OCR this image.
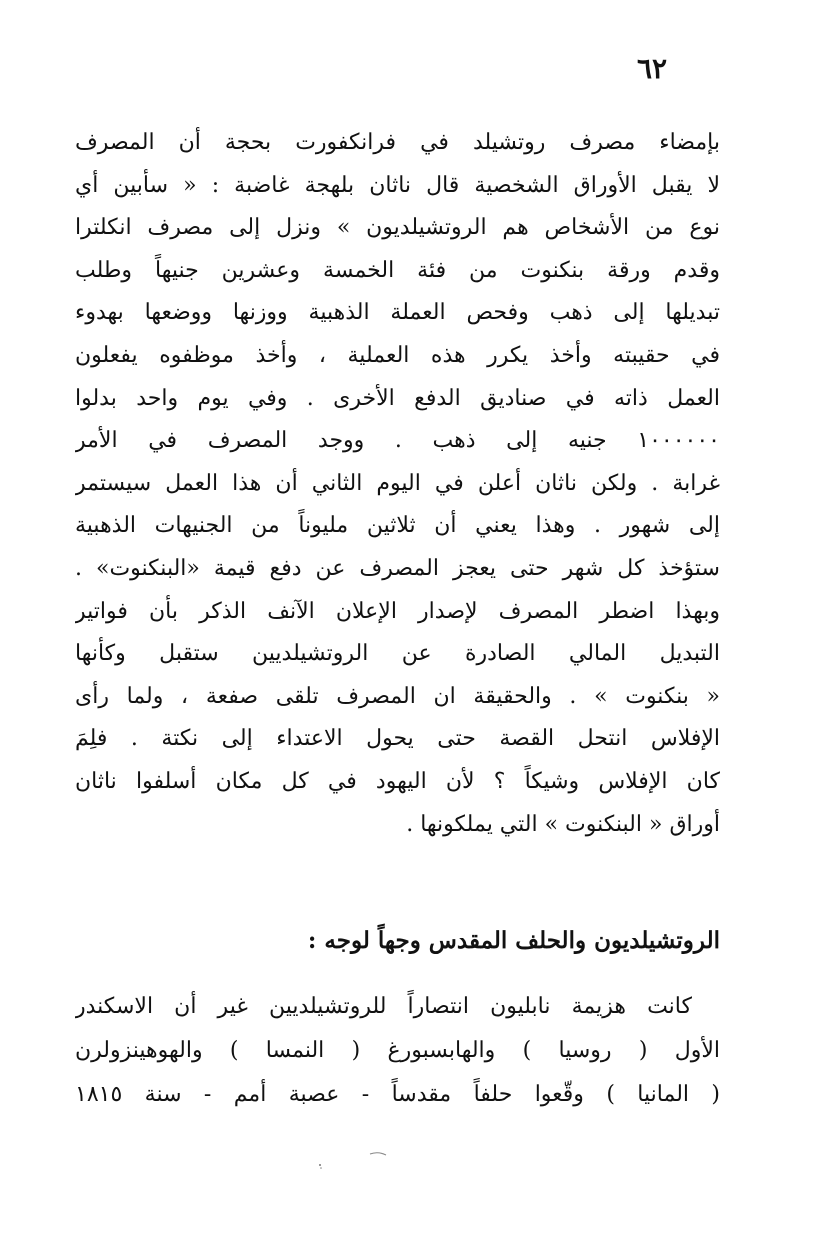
٦٢
بإمضاء مصرف روتشيلد في فرانكفورت بحجة أن المصرف
لا يقبل الأوراق الشخصية قال ناثان بلهجة غاضبة : « سأبين أي
نوع من الأشخاص هم الروتشيلديون » ونزل إلى مصرف انكلترا
وقدم ورقة بنكنوت من فئة الخمسة وعشرين جنيهاً وطلب
تبديلها إلى ذهب وفحص العملة الذهبية ووزنها ووضعها بهدوء
في حقيبته وأخذ يكرر هذه العملية ، وأخذ موظفوه يفعلون
العمل ذاته في صناديق الدفع الأخرى . وفي يوم واحد بدلوا
١٠٠٠٠٠٠ جنيه إلى ذهب . ووجد المصرف في الأمر
غرابة . ولكن ناثان أعلن في اليوم الثاني أن هذا العمل سيستمر
إلى شهور . وهذا يعني أن ثلاثين مليوناً من الجنيهات الذهبية
ستؤخذ كل شهر حتى يعجز المصرف عن دفع قيمة «البنكنوت» .
وبهذا اضطر المصرف لإصدار الإعلان الآنف الذكر بأن فواتير
التبديل المالي الصادرة عن الروتشيلديين ستقبل وكأنها
« بنكنوت » . والحقيقة ان المصرف تلقى صفعة ، ولما رأى
الإفلاس انتحل القصة حتى يحول الاعتداء إلى نكتة . فلِمَ
كان الإفلاس وشيكاً ؟ لأن اليهود في كل مكان أسلفوا ناثان
أوراق « البنكنوت » التي يملكونها .
الروتشيلديون والحلف المقدس وجهاً لوجه :
كانت هزيمة نابليون انتصاراً للروتشيلديين غير أن الاسكندر
الأول ( روسيا ) والهابسبورغ ( النمسا ) والهوهينزولرن
( المانيا ) وقّعوا حلفاً مقدساً - عصبة أمم - سنة ١٨١٥
